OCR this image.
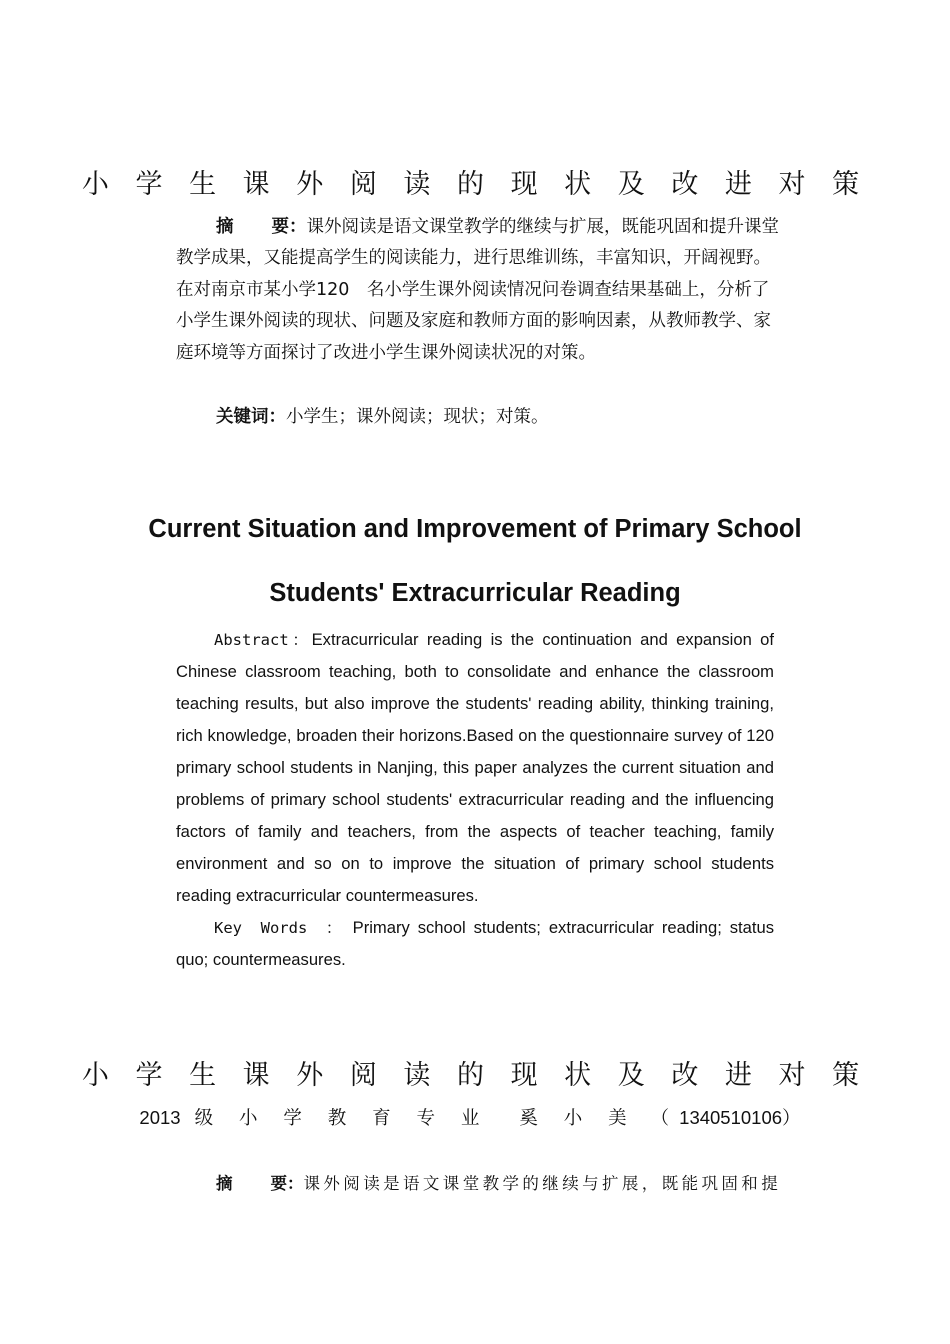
小 学 生 课 外 阅 读 的 现 状 及 改 进 对 策

摘 要：课外阅读是语文课堂教学的继续与扩展，既能巩固和提升课堂教学成果，又能提高学生的阅读能力，进行思维训练，丰富知识，开阔视野。在对南京市某小学120　名小学生课外阅读情况问卷调查结果基础上，分析了小学生课外阅读的现状、问题及家庭和教师方面的影响因素，从教师教学、家庭环境等方面探讨了改进小学生课外阅读状况的对策。

关键词：小学生；课外阅读；现状；对策。

Current Situation and Improvement of Primary School
Students' Extracurricular Reading

Abstract：Extracurricular reading is the continuation and expansion of Chinese classroom teaching, both to consolidate and enhance the classroom teaching results, but also improve the students' reading ability, thinking training, rich knowledge, broaden their horizons.Based on the questionnaire survey of 120 primary school students in Nanjing, this paper analyzes the current situation and problems of primary school students' extracurricular reading and the influencing factors of family and teachers, from the aspects of teacher teaching, family environment and so on to improve the situation of primary school students reading extracurricular countermeasures.

Key Words ： Primary school students; extracurricular reading; status quo; countermeasures.

小 学 生 课 外 阅 读 的 现 状 及 改 进 对 策
2013 级 小 学 教 育 专 业 奚 小 美 （1340510106）

摘 要：课外阅读是语文课堂教学的继续与扩展，既能巩固和提
